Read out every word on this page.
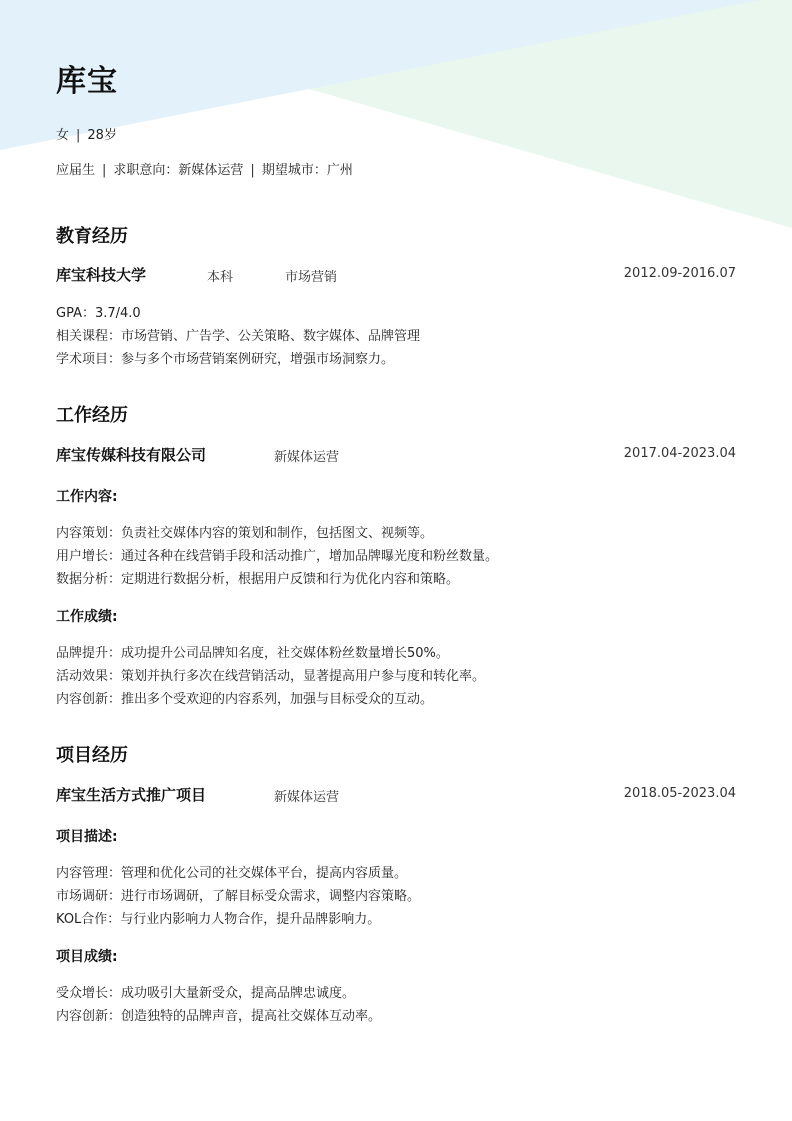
库宝
女 | 28岁
应届生 | 求职意向：新媒体运营 | 期望城市：广州
教育经历
库宝科技大学	本科	市场营销	2012.09-2016.07
GPA：3.7/4.0
相关课程：市场营销、广告学、公关策略、数字媒体、品牌管理
学术项目：参与多个市场营销案例研究，增强市场洞察力。
工作经历
库宝传媒科技有限公司	新媒体运营	2017.04-2023.04
工作内容:
内容策划：负责社交媒体内容的策划和制作，包括图文、视频等。
用户增长：通过各种在线营销手段和活动推广，增加品牌曝光度和粉丝数量。
数据分析：定期进行数据分析，根据用户反馈和行为优化内容和策略。
工作成绩:
品牌提升：成功提升公司品牌知名度，社交媒体粉丝数量增长50%。
活动效果：策划并执行多次在线营销活动，显著提高用户参与度和转化率。
内容创新：推出多个受欢迎的内容系列，加强与目标受众的互动。
项目经历
库宝生活方式推广项目	新媒体运营	2018.05-2023.04
项目描述:
内容管理：管理和优化公司的社交媒体平台，提高内容质量。
市场调研：进行市场调研，了解目标受众需求，调整内容策略。
KOL合作：与行业内影响力人物合作，提升品牌影响力。
项目成绩:
受众增长：成功吸引大量新受众，提高品牌忠诚度。
内容创新：创造独特的品牌声音，提高社交媒体互动率。
